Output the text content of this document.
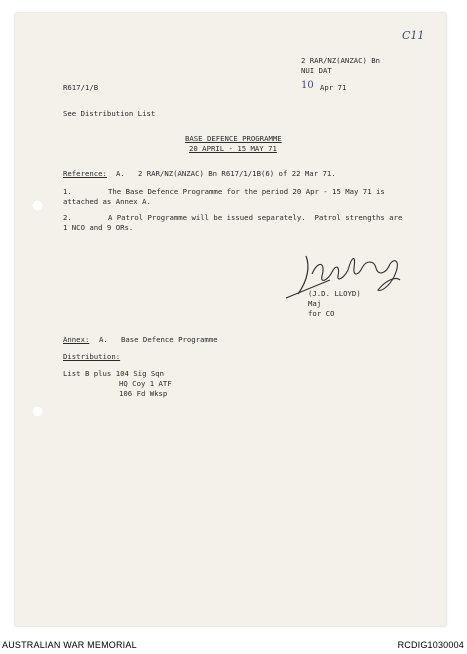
C11
2 RAR/NZ(ANZAC) Bn
NUI DAT
R617/1/B	10 Apr 71
See Distribution List
BASE DEFENCE PROGRAMME
20 APRIL - 15 MAY 71
Reference: A.   2 RAR/NZ(ANZAC) Bn R617/1/1B(6) of 22 Mar 71.
1.	The Base Defence Programme for the period 20 Apr - 15 May 71 is
attached as Annex A.
2.	A Patrol Programme will be issued separately.  Patrol strengths are
1 NCO and 9 ORs.
(J.D. LLOYD)
Maj
for CO
Annex: A.   Base Defence Programme
Distribution:
List B plus 104 Sig Sqn
HQ Coy 1 ATF
106 Fd Wksp
AUSTRALIAN WAR MEMORIAL	RCDIG1030004
